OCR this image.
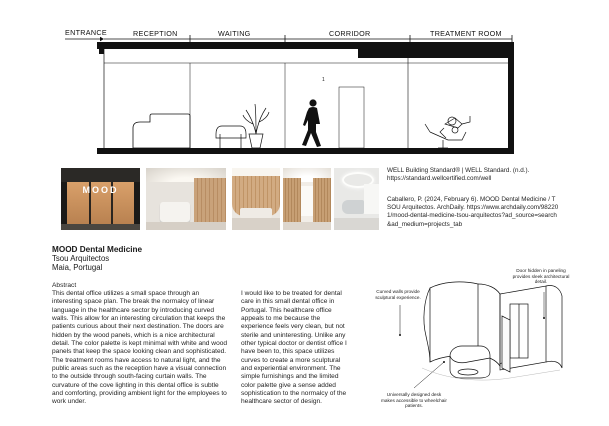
ENTRANCE	RECEPTION	WAITING	CORRIDOR	TREATMENT ROOM
1
MOOD
WELL Building Standard® | WELL Standard. (n.d.). https://standard.wellcertified.com/well
Caballero, P. (2024, February 6). MOOD Dental Medicine / TSOU Arquitectos. ArchDaily. https://www.archdaily.com/982201/mood-dental-medicine-tsou-arquitectos?ad_source=search&ad_medium=projects_tab
MOOD Dental Medicine
Tsou Arquitectos
Maia, Portugal
Abstract
This dental office utilizes a small space through an interesting space plan. The break the normalcy of linear language in the healthcare sector by introducing curved walls. This allow for an interesting circulation that keeps the patients curious about their next destination. The doors are hidden by the wood panels, which is a nice architectural detail. The color palette is kept minimal with white and wood panels that keep the space looking clean and sophisticated. The treatment rooms have access to natural light, and the public areas such as the reception have a visual connection to the outside through south-facing curtain walls. The curvature of the cove lighting in this dental office is subtle and comforting, providing ambient light for the employees to work under.
I would like to be treated for dental care in this small dental office in Portugal. This healthcare office appeals to me because the experience feels very clean, but not sterile and uninteresting. Unlike any other typical doctor or dentist office I have been to, this space utilizes curves to create a more sculptural and experiential environment. The simple furnishings and the limited color palette give a sense added sophistication to the normalcy of the healthcare sector of design.
Curved walls provide sculptural experience.
Door hidden in paneling provides sleek architectural detail.
Universally designed desk makes accessible to wheelchair patients.
